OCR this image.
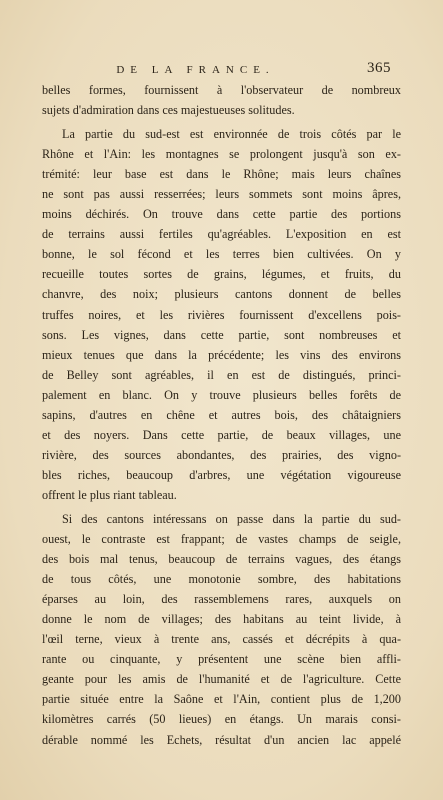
DE LA FRANCE.	365
belles formes, fournissent à l'observateur de nombreux
sujets d'admiration dans ces majestueuses solitudes.
La partie du sud-est est environnée de trois côtés par le
Rhône et l'Ain: les montagnes se prolongent jusqu'à son ex-
trémité: leur base est dans le Rhône; mais leurs chaînes
ne sont pas aussi resserrées; leurs sommets sont moins âpres,
moins déchirés. On trouve dans cette partie des portions
de terrains aussi fertiles qu'agréables. L'exposition en est
bonne, le sol fécond et les terres bien cultivées. On y
recueille toutes sortes de grains, légumes, et fruits, du
chanvre, des noix; plusieurs cantons donnent de belles
truffes noires, et les rivières fournissent d'excellens pois-
sons. Les vignes, dans cette partie, sont nombreuses et
mieux tenues que dans la précédente; les vins des environs
de Belley sont agréables, il en est de distingués, princi-
palement en blanc. On y trouve plusieurs belles forêts de
sapins, d'autres en chêne et autres bois, des châtaigniers
et des noyers. Dans cette partie, de beaux villages, une
rivière, des sources abondantes, des prairies, des vigno-
bles riches, beaucoup d'arbres, une végétation vigoureuse
offrent le plus riant tableau.
Si des cantons intéressans on passe dans la partie du sud-
ouest, le contraste est frappant; de vastes champs de seigle,
des bois mal tenus, beaucoup de terrains vagues, des étangs
de tous côtés, une monotonie sombre, des habitations
éparses au loin, des rassemblemens rares, auxquels on
donne le nom de villages; des habitans au teint livide, à
l'œil terne, vieux à trente ans, cassés et décrépits à qua-
rante ou cinquante, y présentent une scène bien affli-
geante pour les amis de l'humanité et de l'agriculture. Cette
partie située entre la Saône et l'Ain, contient plus de 1,200
kilomètres carrés (50 lieues) en étangs. Un marais consi-
dérable nommé les Echets, résultat d'un ancien lac appelé
